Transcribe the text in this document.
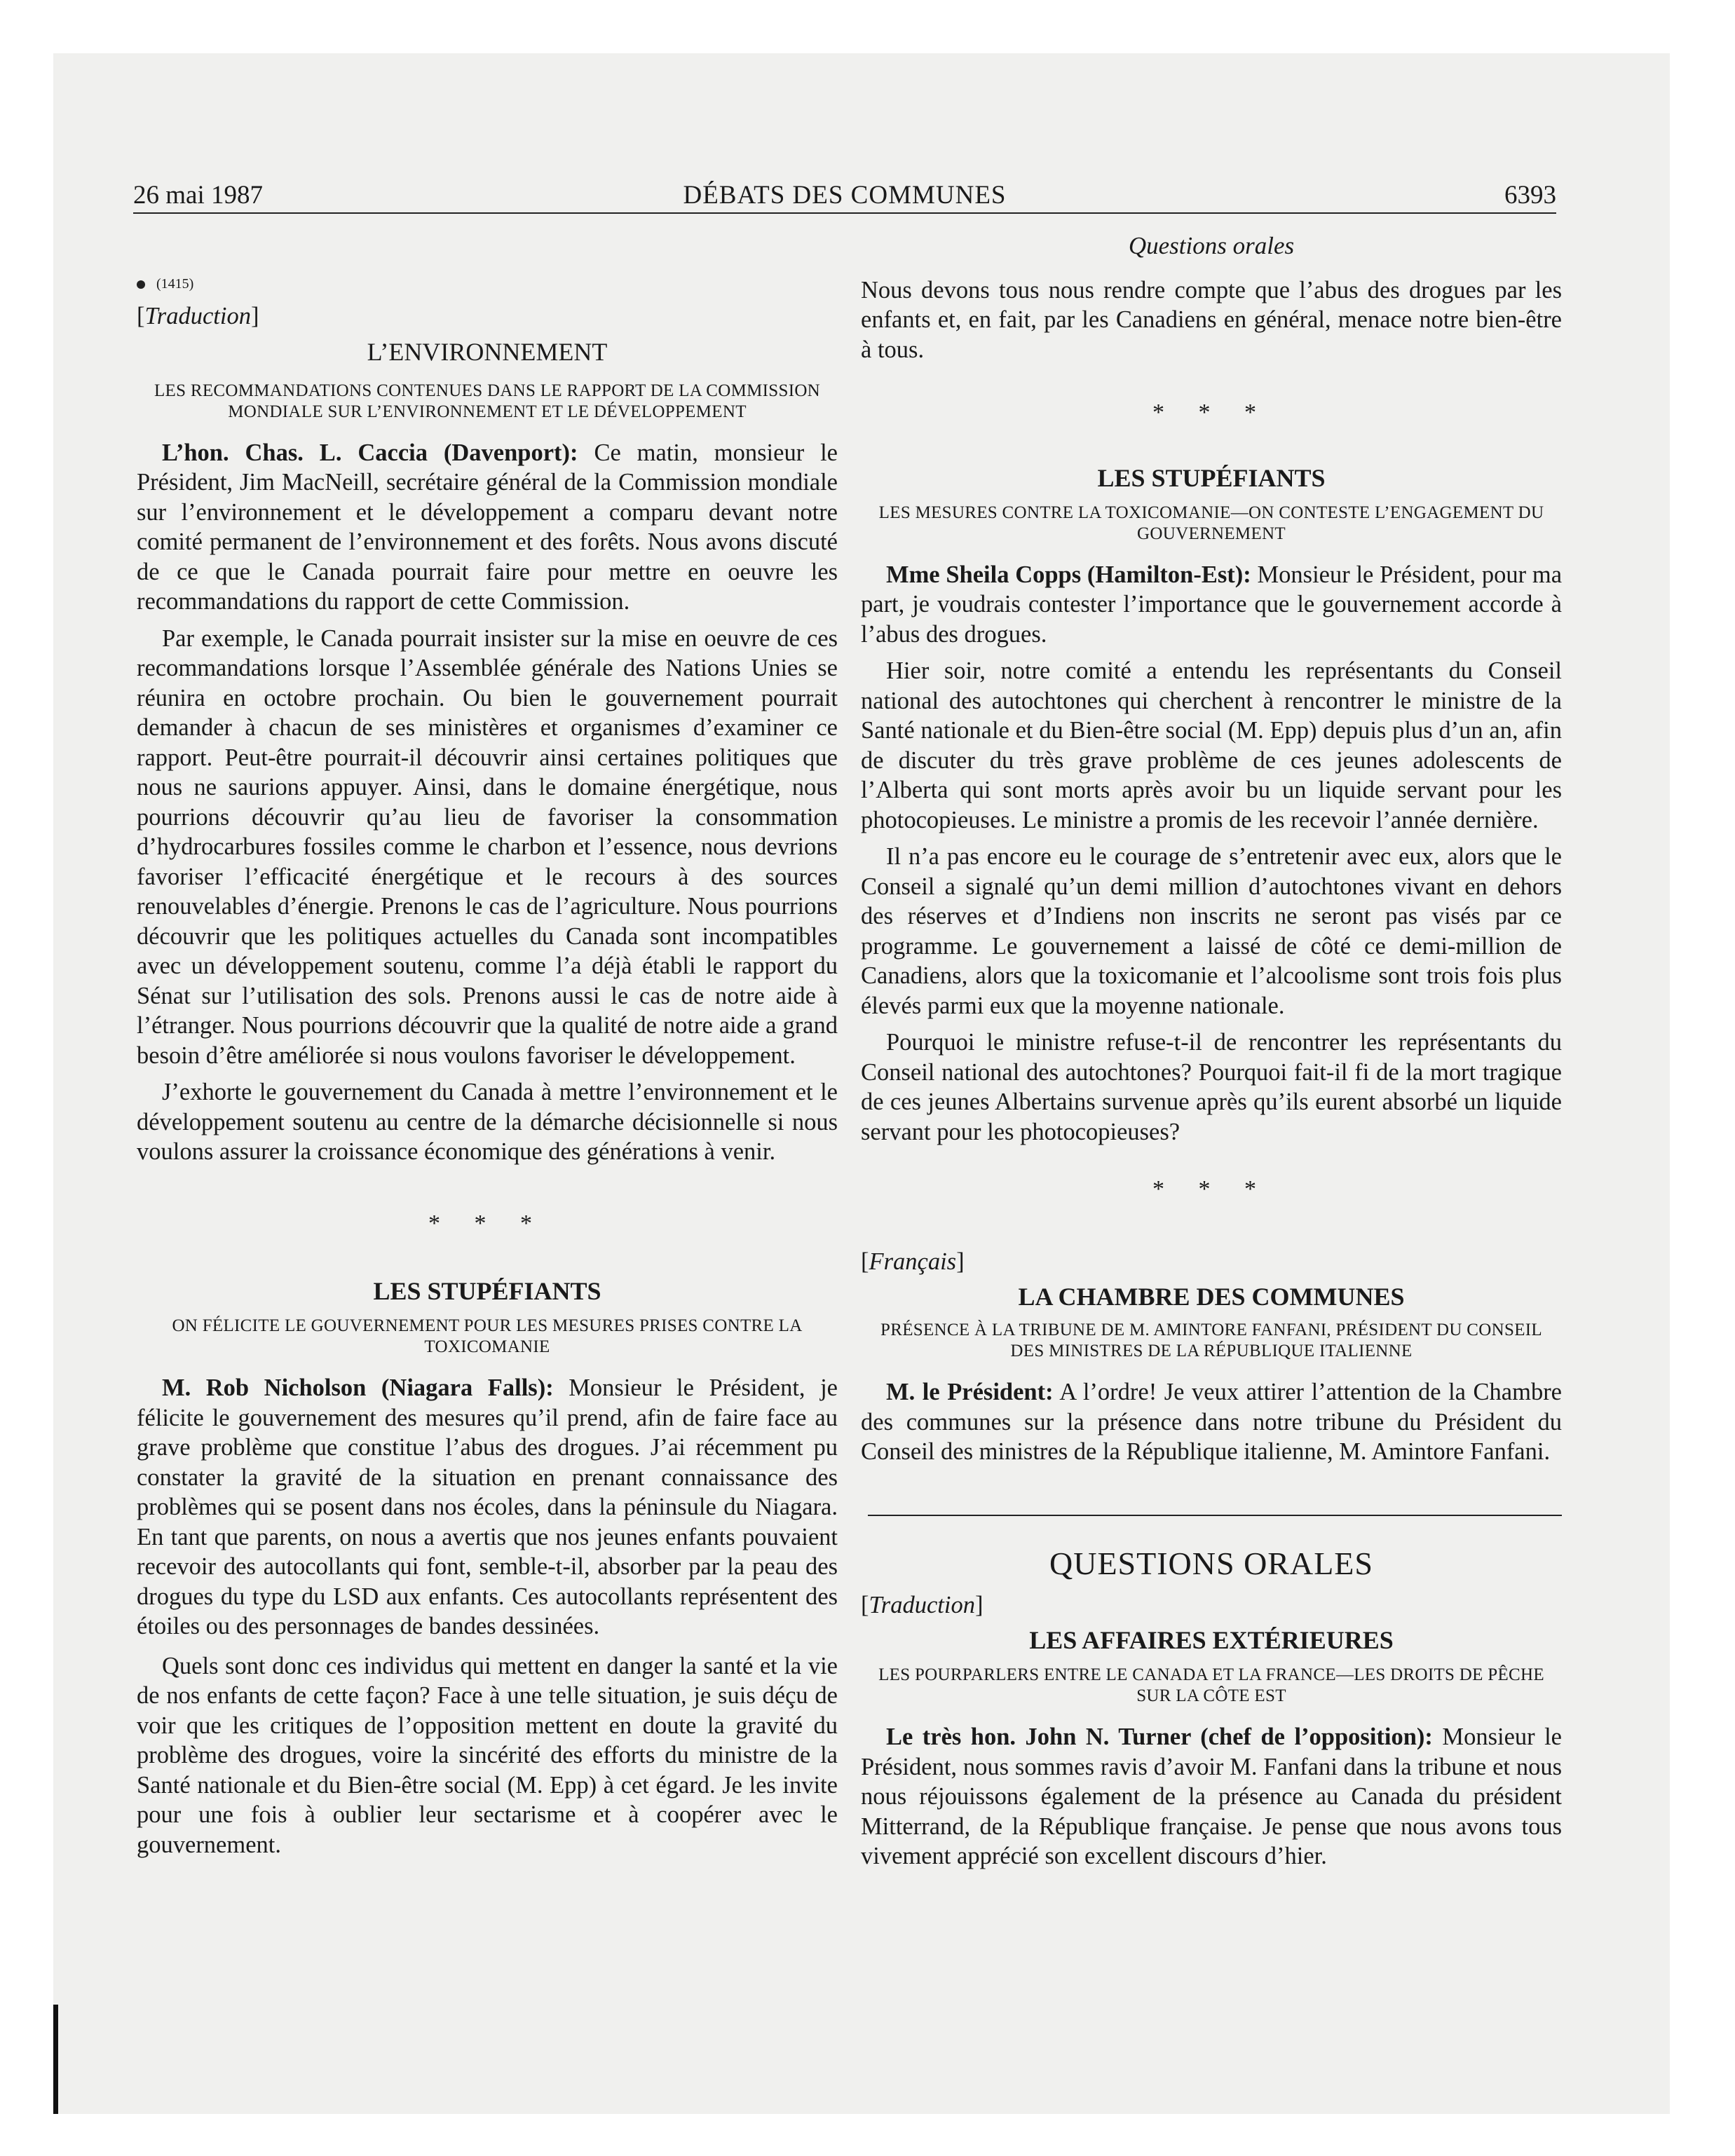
26 mai 1987	DÉBATS DES COMMUNES	6393
(1415)
[Traduction]
L’ENVIRONNEMENT
LES RECOMMANDATIONS CONTENUES DANS LE RAPPORT DE LA COMMISSION MONDIALE SUR L’ENVIRONNEMENT ET LE DÉVELOPPEMENT

L’hon. Chas. L. Caccia (Davenport): Ce matin, monsieur le Président, Jim MacNeill, secrétaire général de la Commission mondiale sur l’environnement et le développement a comparu devant notre comité permanent de l’environnement et des forêts. Nous avons discuté de ce que le Canada pourrait faire pour mettre en oeuvre les recommandations du rapport de cette Commission.

Par exemple, le Canada pourrait insister sur la mise en oeuvre de ces recommandations lorsque l’Assemblée générale des Nations Unies se réunira en octobre prochain. Ou bien le gouvernement pourrait demander à chacun de ses ministères et organismes d’examiner ce rapport. Peut-être pourrait-il découvrir ainsi certaines politiques que nous ne saurions appuyer. Ainsi, dans le domaine énergétique, nous pourrions découvrir qu’au lieu de favoriser la consommation d’hydrocarbures fossiles comme le charbon et l’essence, nous devrions favoriser l’efficacité énergétique et le recours à des sources renouvelables d’énergie. Prenons le cas de l’agriculture. Nous pourrions découvrir que les politiques actuelles du Canada sont incompatibles avec un développement soutenu, comme l’a déjà établi le rapport du Sénat sur l’utilisation des sols. Prenons aussi le cas de notre aide à l’étranger. Nous pourrions découvrir que la qualité de notre aide a grand besoin d’être améliorée si nous voulons favoriser le développement.

J’exhorte le gouvernement du Canada à mettre l’environnement et le développement soutenu au centre de la démarche décisionnelle si nous voulons assurer la croissance économique des générations à venir.

* * *
LES STUPÉFIANTS
ON FÉLICITE LE GOUVERNEMENT POUR LES MESURES PRISES CONTRE LA TOXICOMANIE

M. Rob Nicholson (Niagara Falls): Monsieur le Président, je félicite le gouvernement des mesures qu’il prend, afin de faire face au grave problème que constitue l’abus des drogues. J’ai récemment pu constater la gravité de la situation en prenant connaissance des problèmes qui se posent dans nos écoles, dans la péninsule du Niagara. En tant que parents, on nous a avertis que nos jeunes enfants pouvaient recevoir des autocollants qui font, semble-t-il, absorber par la peau des drogues du type du LSD aux enfants. Ces autocollants représentent des étoiles ou des personnages de bandes dessinées.

Quels sont donc ces individus qui mettent en danger la santé et la vie de nos enfants de cette façon? Face à une telle situation, je suis déçu de voir que les critiques de l’opposition mettent en doute la gravité du problème des drogues, voire la sincérité des efforts du ministre de la Santé nationale et du Bien-être social (M. Epp) à cet égard. Je les invite pour une fois à oublier leur sectarisme et à coopérer avec le gouvernement.

Questions orales

Nous devons tous nous rendre compte que l’abus des drogues par les enfants et, en fait, par les Canadiens en général, menace notre bien-être à tous.

* * *
LES STUPÉFIANTS
LES MESURES CONTRE LA TOXICOMANIE—ON CONTESTE L’ENGAGEMENT DU GOUVERNEMENT

Mme Sheila Copps (Hamilton-Est): Monsieur le Président, pour ma part, je voudrais contester l’importance que le gouvernement accorde à l’abus des drogues.

Hier soir, notre comité a entendu les représentants du Conseil national des autochtones qui cherchent à rencontrer le ministre de la Santé nationale et du Bien-être social (M. Epp) depuis plus d’un an, afin de discuter du très grave problème de ces jeunes adolescents de l’Alberta qui sont morts après avoir bu un liquide servant pour les photocopieuses. Le ministre a promis de les recevoir l’année dernière.

Il n’a pas encore eu le courage de s’entretenir avec eux, alors que le Conseil a signalé qu’un demi million d’autochtones vivant en dehors des réserves et d’Indiens non inscrits ne seront pas visés par ce programme. Le gouvernement a laissé de côté ce demi-million de Canadiens, alors que la toxicomanie et l’alcoolisme sont trois fois plus élevés parmi eux que la moyenne nationale.

Pourquoi le ministre refuse-t-il de rencontrer les représentants du Conseil national des autochtones? Pourquoi fait-il fi de la mort tragique de ces jeunes Albertains survenue après qu’ils eurent absorbé un liquide servant pour les photocopieuses?

* * *
[Français]
LA CHAMBRE DES COMMUNES
PRÉSENCE À LA TRIBUNE DE M. AMINTORE FANFANI, PRÉSIDENT DU CONSEIL DES MINISTRES DE LA RÉPUBLIQUE ITALIENNE

M. le Président: A l’ordre! Je veux attirer l’attention de la Chambre des communes sur la présence dans notre tribune du Président du Conseil des ministres de la République italienne, M. Amintore Fanfani.

QUESTIONS ORALES
[Traduction]
LES AFFAIRES EXTÉRIEURES
LES POURPARLERS ENTRE LE CANADA ET LA FRANCE—LES DROITS DE PÊCHE SUR LA CÔTE EST

Le très hon. John N. Turner (chef de l’opposition): Monsieur le Président, nous sommes ravis d’avoir M. Fanfani dans la tribune et nous nous réjouissons également de la présence au Canada du président Mitterrand, de la République française. Je pense que nous avons tous vivement apprécié son excellent discours d’hier.
